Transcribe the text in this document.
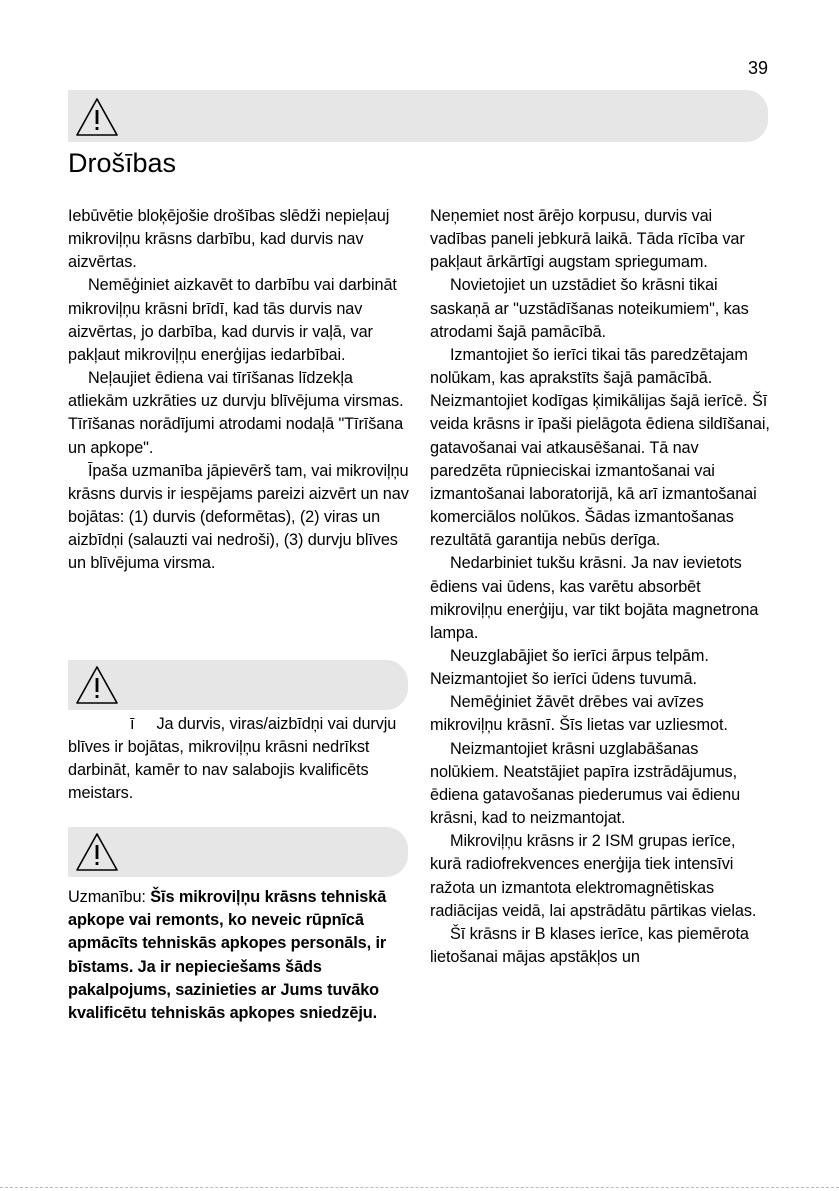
39
Drošības

Iebūvētie bloķējošie drošības slēdži nepieļauj mikroviļņu krāsns darbību, kad durvis nav aizvērtas.

Nemēģiniet aizkavēt to darbību vai darbināt mikroviļņu krāsni brīdī, kad tās durvis nav aizvērtas, jo darbība, kad durvis ir vaļā, var pakļaut mikroviļņu enerģijas iedarbībai.

Neļaujiet ēdiena vai tīrīšanas līdzekļa atliekām uzkrāties uz durvju blīvējuma virsmas. Tīrīšanas norādījumi atrodami nodaļā "Tīrīšana un apkope".

Īpaša uzmanība jāpievērš tam, vai mikroviļņu krāsns durvis ir iespējams pareizi aizvērt un nav bojātas: (1) durvis (deformētas), (2) viras un aizbīdņi (salauzti vai nedroši), (3) durvju blīves un blīvējuma virsma.

ī Ja durvis, viras/aizbīdņi vai durvju blīves ir bojātas, mikroviļņu krāsni nedrīkst darbināt, kamēr to nav salabojis kvalificēts meistars.

Uzmanību: Šīs mikroviļņu krāsns tehniskā apkope vai remonts, ko neveic rūpnīcā apmācīts tehniskās apkopes personāls, ir bīstams. Ja ir nepieciešams šāds pakalpojums, sazinieties ar Jums tuvāko kvalificētu tehniskās apkopes sniedzēju.

Neņemiet nost ārējo korpusu, durvis vai vadības paneli jebkurā laikā. Tāda rīcība var pakļaut ārkārtīgi augstam spriegumam.

Novietojiet un uzstādiet šo krāsni tikai saskaņā ar "uzstādīšanas noteikumiem", kas atrodami šajā pamācībā.

Izmantojiet šo ierīci tikai tās paredzētajam nolūkam, kas aprakstīts šajā pamācībā. Neizmantojiet kodīgas ķimikālijas šajā ierīcē. Šī veida krāsns ir īpaši pielāgota ēdiena sildīšanai, gatavošanai vai atkausēšanai. Tā nav paredzēta rūpnieciskai izmantošanai vai izmantošanai laboratorijā, kā arī izmantošanai komerciālos nolūkos. Šādas izmantošanas rezultātā garantija nebūs derīga.

Nedarbiniet tukšu krāsni. Ja nav ievietots ēdiens vai ūdens, kas varētu absorbēt mikroviļņu enerģiju, var tikt bojāta magnetrona lampa.

Neuzglabājiet šo ierīci ārpus telpām. Neizmantojiet šo ierīci ūdens tuvumā.

Nemēģiniet žāvēt drēbes vai avīzes mikroviļņu krāsnī. Šīs lietas var uzliesmot.

Neizmantojiet krāsni uzglabāšanas nolūkiem. Neatstājiet papīra izstrādājumus, ēdiena gatavošanas piederumus vai ēdienu krāsni, kad to neizmantojat.

Mikroviļņu krāsns ir 2 ISM grupas ierīce, kurā radiofrekvences enerģija tiek intensīvi ražota un izmantota elektromagnētiskas radiācijas veidā, lai apstrādātu pārtikas vielas.

Šī krāsns ir B klases ierīce, kas piemērota lietošanai mājas apstākļos un
